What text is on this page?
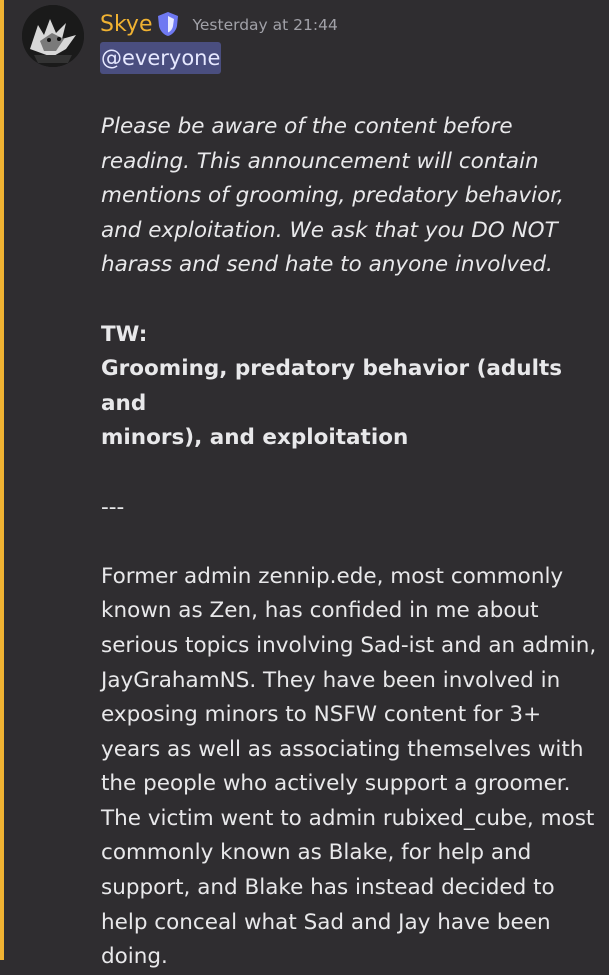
Skye	Yesterday at 21:44
@everyone

Please be aware of the content before

reading. This announcement will contain

mentions of grooming, predatory behavior,

and exploitation. We ask that you DO NOT

harass and send hate to anyone involved.

TW:

Grooming, predatory behavior (adults and

minors), and exploitation

---

Former admin zennip.ede, most commonly

known as Zen, has confided in me about

serious topics involving Sad-ist and an admin,

JayGrahamNS. They have been involved in

exposing minors to NSFW content for 3+

years as well as associating themselves with

the people who actively support a groomer.

The victim went to admin rubixed_cube, most

commonly known as Blake, for help and

support, and Blake has instead decided to

help conceal what Sad and Jay have been

doing.
